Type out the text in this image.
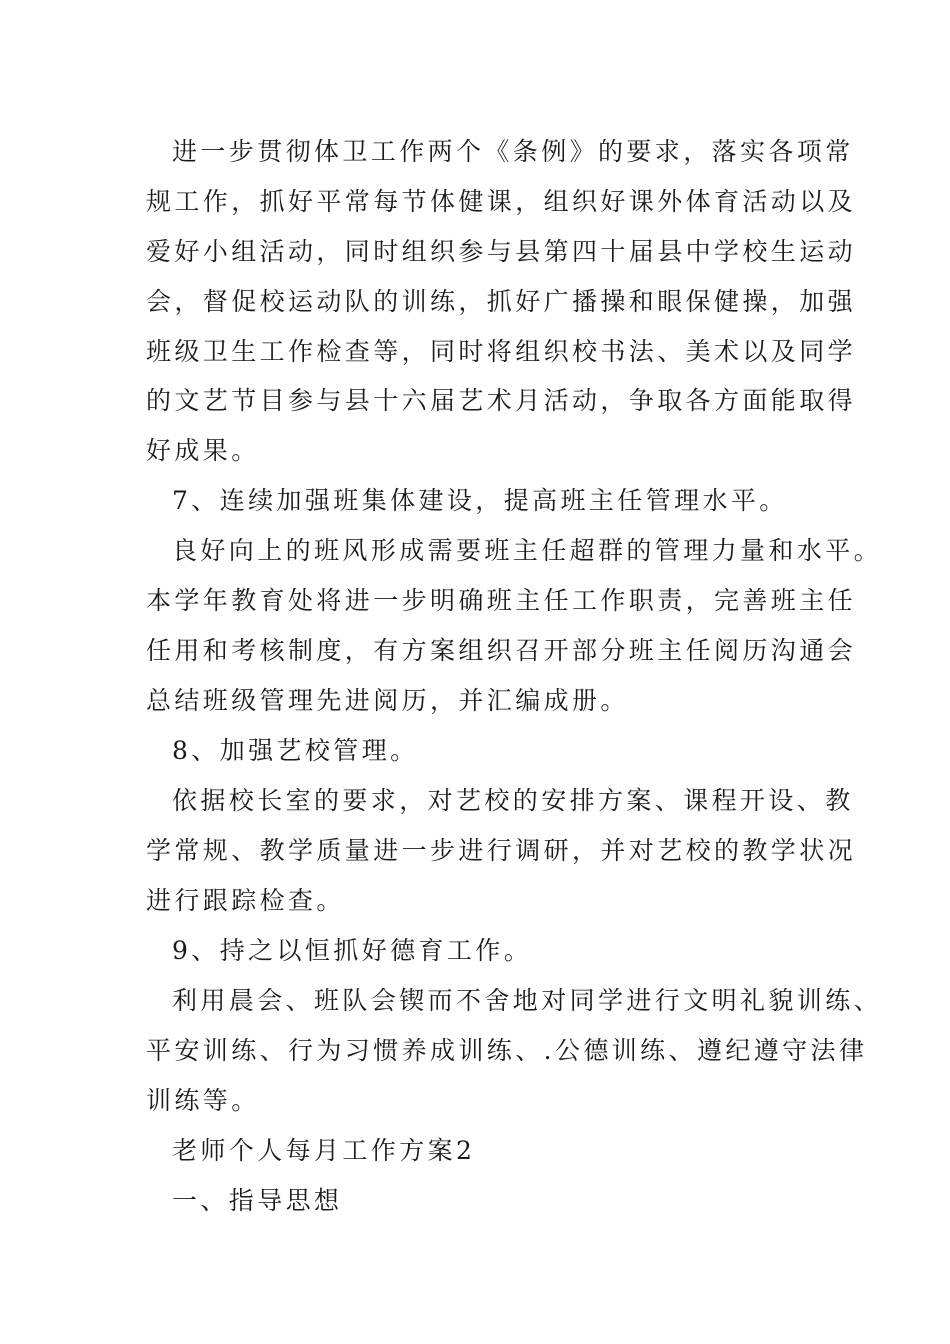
进一步贯彻体卫工作两个《条例》的要求，落实各项常
规工作，抓好平常每节体健课，组织好课外体育活动以及
爱好小组活动，同时组织参与县第四十届县中学校生运动
会，督促校运动队的训练，抓好广播操和眼保健操，加强
班级卫生工作检查等，同时将组织校书法、美术以及同学
的文艺节目参与县十六届艺术月活动，争取各方面能取得
好成果。
7、连续加强班集体建设，提高班主任管理水平。
良好向上的班风形成需要班主任超群的管理力量和水平。
本学年教育处将进一步明确班主任工作职责，完善班主任
任用和考核制度，有方案组织召开部分班主任阅历沟通会
总结班级管理先进阅历，并汇编成册。
8、加强艺校管理。
依据校长室的要求，对艺校的安排方案、课程开设、教
学常规、教学质量进一步进行调研，并对艺校的教学状况
进行跟踪检查。
9、持之以恒抓好德育工作。
利用晨会、班队会锲而不舍地对同学进行文明礼貌训练、
平安训练、行为习惯养成训练、.公德训练、遵纪遵守法律
训练等。
老师个人每月工作方案2
一、指导思想
